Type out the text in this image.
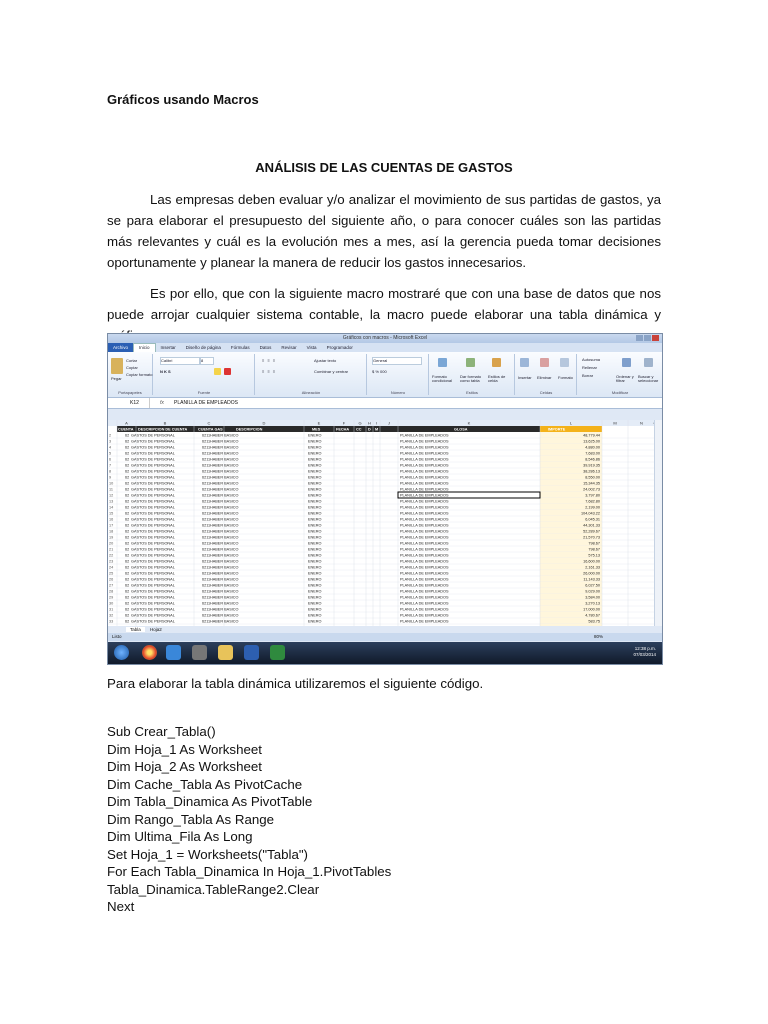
Gráficos usando Macros
ANÁLISIS DE LAS CUENTAS DE GASTOS
Las empresas deben evaluar y/o analizar el movimiento de sus partidas de gastos, ya se para elaborar el presupuesto del siguiente año, o para conocer cuáles son las partidas más relevantes y cuál es la evolución mes a mes, así la gerencia pueda tomar decisiones oportunamente y planear la manera de reducir los gastos innecesarios.
Es por ello, que con la siguiente macro mostraré que con una base de datos que nos puede arrojar cualquier sistema contable, la macro puede elaborar una tabla dinámica y
Gráficos con macros - Microsoft Excel
Archivo	Inicio	Insertar	Diseño de página	Fórmulas	Datos	Revisar	Vista	Programador
Pegar
Cortar
Copiar
Copiar formato
Portapapeles
Calibri	8
N K S
Fuente
Ajustar texto
Combinar y centrar
≡ ≡ ≡
≡ ≡ ≡
Alineación
General
$ % 000
Número
Formato condicional
Dar formato como tabla
Estilos de celda
Estilos
Insertar Eliminar Formato
Celdas
Autosuma
Rellenar
Borrar	Ordenar y filtrar
Buscar y seleccionar
Modificar
K12	fx	PLANILLA DE EMPLEADOS
A	B	C	D	E	F	G H I	J	K	L	M	N
CUENTA DESCRIPCION DE CUENTA	CUENTA GAS	DESCRIPCION	MES	FECHA CC D M	GLOSA	IMPORTE
2	62 GASTOS DE PERSONAL	6211 HABER BASICO	ENERO	PLANILLA DE EMPLEADOS	48,779.44
3	62 GASTOS DE PERSONAL	6211 HABER BASICO	ENERO	PLANILLA DE EMPLEADOS	13,625.00
4	62 GASTOS DE PERSONAL	6211 HABER BASICO	ENERO	PLANILLA DE EMPLEADOS	4,880.00
5	62 GASTOS DE PERSONAL	6211 HABER BASICO	ENERO	PLANILLA DE EMPLEADOS	7,683.00
6	62 GASTOS DE PERSONAL	6211 HABER BASICO	ENERO	PLANILLA DE EMPLEADOS	8,546.86
7	62 GASTOS DE PERSONAL	6211 HABER BASICO	ENERO	PLANILLA DE EMPLEADOS	39,919.35
8	62 GASTOS DE PERSONAL	6211 HABER BASICO	ENERO	PLANILLA DE EMPLEADOS	38,286.13
9	62 GASTOS DE PERSONAL	6211 HABER BASICO	ENERO	PLANILLA DE EMPLEADOS	8,550.00
10	62 GASTOS DE PERSONAL	6211 HABER BASICO	ENERO	PLANILLA DE EMPLEADOS	15,344.35
11	62 GASTOS DE PERSONAL	6211 HABER BASICO	ENERO	PLANILLA DE EMPLEADOS	24,002.73
12	62 GASTOS DE PERSONAL	6211 HABER BASICO	ENERO	PLANILLA DE EMPLEADOS	3,797.80
13	62 GASTOS DE PERSONAL	6211 HABER BASICO	ENERO	PLANILLA DE EMPLEADOS	7,682.80
14	62 GASTOS DE PERSONAL	6211 HABER BASICO	ENERO	PLANILLA DE EMPLEADOS	2,199.00
15	62 GASTOS DE PERSONAL	6211 HABER BASICO	ENERO	PLANILLA DE EMPLEADOS	104,043.22
16	62 GASTOS DE PERSONAL	6211 HABER BASICO	ENERO	PLANILLA DE EMPLEADOS	6,045.31
17	62 GASTOS DE PERSONAL	6211 HABER BASICO	ENERO	PLANILLA DE EMPLEADOS	44,301.33
18	62 GASTOS DE PERSONAL	6211 HABER BASICO	ENERO	PLANILLA DE EMPLEADOS	52,289.67
19	62 GASTOS DE PERSONAL	6211 HABER BASICO	ENERO	PLANILLA DE EMPLEADOS	21,570.73
20	62 GASTOS DE PERSONAL	6211 HABER BASICO	ENERO	PLANILLA DE EMPLEADOS	798.67
21	62 GASTOS DE PERSONAL	6211 HABER BASICO	ENERO	PLANILLA DE EMPLEADOS	798.67
22	62 GASTOS DE PERSONAL	6211 HABER BASICO	ENERO	PLANILLA DE EMPLEADOS	575.13
23	62 GASTOS DE PERSONAL	6211 HABER BASICO	ENERO	PLANILLA DE EMPLEADOS	16,600.00
24	62 GASTOS DE PERSONAL	6211 HABER BASICO	ENERO	PLANILLA DE EMPLEADOS	2,161.33
25	62 GASTOS DE PERSONAL	6211 HABER BASICO	ENERO	PLANILLA DE EMPLEADOS	26,000.00
26	62 GASTOS DE PERSONAL	6211 HABER BASICO	ENERO	PLANILLA DE EMPLEADOS	11,143.33
27	62 GASTOS DE PERSONAL	6211 HABER BASICO	ENERO	PLANILLA DE EMPLEADOS	6,027.50
28	62 GASTOS DE PERSONAL	6211 HABER BASICO	ENERO	PLANILLA DE EMPLEADOS	9,029.00
29	62 GASTOS DE PERSONAL	6211 HABER BASICO	ENERO	PLANILLA DE EMPLEADOS	3,584.00
30	62 GASTOS DE PERSONAL	6211 HABER BASICO	ENERO	PLANILLA DE EMPLEADOS	3,270.13
31	62 GASTOS DE PERSONAL	6211 HABER BASICO	ENERO	PLANILLA DE EMPLEADOS	17,000.00
32	62 GASTOS DE PERSONAL	6211 HABER BASICO	ENERO	PLANILLA DE EMPLEADOS	4,780.67
33	62 GASTOS DE PERSONAL	6211 HABER BASICO	ENERO	PLANILLA DE EMPLEADOS	583.75
Tabla Hoja2
Listo	80%
12:38 p.m.
07/03/2014
Para elaborar la tabla dinámica utilizaremos el siguiente código.
Sub Crear_Tabla()
Dim Hoja_1 As Worksheet
Dim Hoja_2 As Worksheet
Dim Cache_Tabla As PivotCache
Dim Tabla_Dinamica As PivotTable
Dim Rango_Tabla As Range
Dim Ultima_Fila As Long
Set Hoja_1 = Worksheets("Tabla")
For Each Tabla_Dinamica In Hoja_1.PivotTables
Tabla_Dinamica.TableRange2.Clear
Next
